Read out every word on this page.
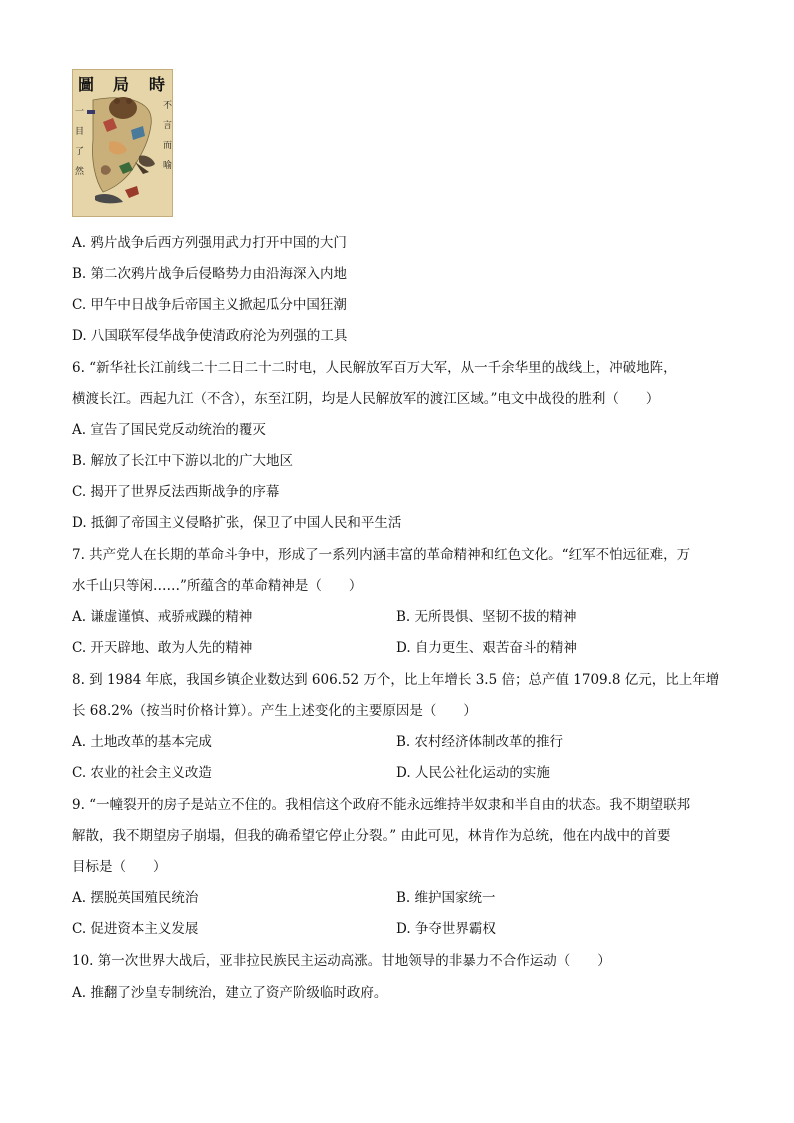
圖 局 時
一
目
了
然
不
言
而
喻
A. 鸦片战争后西方列强用武力打开中国的大门
B. 第二次鸦片战争后侵略势力由沿海深入内地
C. 甲午中日战争后帝国主义掀起瓜分中国狂潮
D. 八国联军侵华战争使清政府沦为列强的工具
6. “新华社长江前线二十二日二十二时电，人民解放军百万大军，从一千余华里的战线上，冲破地阵，
横渡长江。西起九江（不含），东至江阴，均是人民解放军的渡江区域。”电文中战役的胜利（　　）
A. 宣告了国民党反动统治的覆灭
B. 解放了长江中下游以北的广大地区
C. 揭开了世界反法西斯战争的序幕
D. 抵御了帝国主义侵略扩张，保卫了中国人民和平生活
7. 共产党人在长期的革命斗争中，形成了一系列内涵丰富的革命精神和红色文化。“红军不怕远征难，万
水千山只等闲……”所蕴含的革命精神是（　　）
A. 谦虚谨慎、戒骄戒躁的精神	B. 无所畏惧、坚韧不拔的精神
C. 开天辟地、敢为人先的精神	D. 自力更生、艰苦奋斗的精神
8. 到 1984 年底，我国乡镇企业数达到 606.52 万个，比上年增长 3.5 倍；总产值 1709.8 亿元，比上年增
长 68.2%（按当时价格计算）。产生上述变化的主要原因是（　　）
A. 土地改革的基本完成	B. 农村经济体制改革的推行
C. 农业的社会主义改造	D. 人民公社化运动的实施
9. “一幢裂开的房子是站立不住的。我相信这个政府不能永远维持半奴隶和半自由的状态。我不期望联邦
解散，我不期望房子崩塌，但我的确希望它停止分裂。” 由此可见，林肯作为总统，他在内战中的首要
目标是（　　）
A. 摆脱英国殖民统治	B. 维护国家统一
C. 促进资本主义发展	D. 争夺世界霸权
10. 第一次世界大战后，亚非拉民族民主运动高涨。甘地领导的非暴力不合作运动（　　）
A. 推翻了沙皇专制统治，建立了资产阶级临时政府。
